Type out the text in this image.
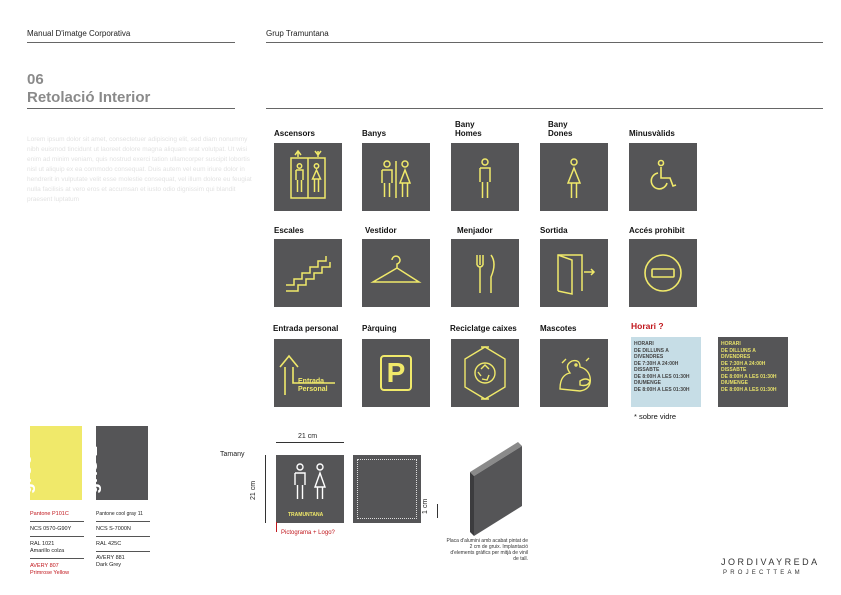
Manual D'imatge Corporativa	Grup Tramuntana
06
Retolació Interior
Lorem ipsum dolor sit amet, consectetuer adipiscing elit, sed diam nonummy nibh euismod tincidunt ut laoreet dolore magna aliquam erat volutpat. Ut wisi enim ad minim veniam, quis nostrud exerci tation ullamcorper suscipit lobortis nisl ut aliquip ex ea commodo consequat. Duis autem vel eum iriure dolor in hendrerit in vulputate velit esse molestie consequat, vel illum dolore eu feugiat nulla facilisis at vero eros et accumsan et iusto odio dignissim qui blandit praesent luptatum
Ascensors	Banys
Bany
Homes
Bany
Dones	Minusvàlids
Escales	Vestidor	Menjador	Sortida	Accés prohibit
Entrada personal	Pàrquing	Reciclatge caixes	Mascotes
Entrada
Personal
P
Horari ?
HORARI
DE DILLUNS A DIVENDRES
DE 7:30H A 24:00H
DISSABTE
DE 8:00H A LES 01:30H
DIUMENGE
DE 8:00H A LES 01:30H
HORARI
DE DILLUNS A DIVENDRES
DE 7:30H A 24:00H
DISSABTE
DE 8:00H A LES 01:30H
DIUMENGE
DE 8:00H A LES 01:30H
* sobre vidre
groc	gris 2
Pantone P101C
NCS 0570-G90Y
RAL 1021
Amarillo colza
AVERY 807
Primrose Yellow
Pantone cool gray 11
NCS S-7000N
RAL 425C
AVERY 881
Dark Grey
Tamany
21 cm
21 cm
TRAMUNTANA
Pictograma + Logo?
1 cm
Placa d'alumini amb acabat pintat de 2 cm de gruix. Implantació d'elements gràfics per mitjà de vinil de tall.	JORDIVAYREDA
PROJECTTEAM
